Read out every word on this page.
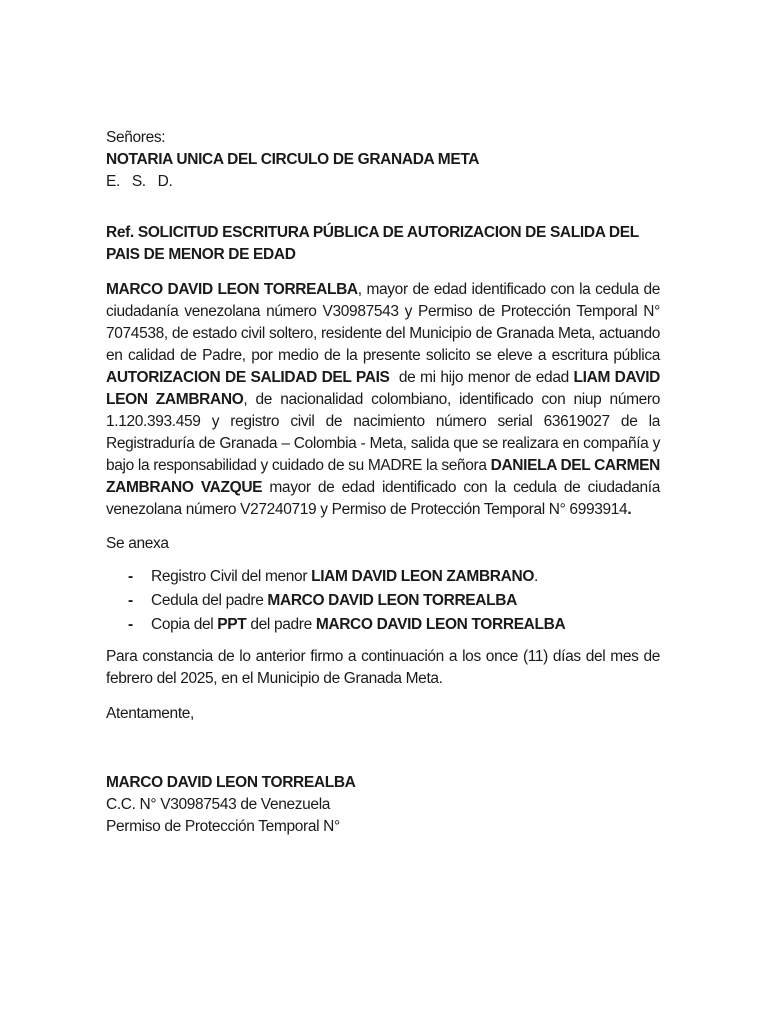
Señores:

NOTARIA UNICA DEL CIRCULO DE GRANADA META

E.   S.   D.

Ref. SOLICITUD ESCRITURA PÚBLICA DE AUTORIZACION DE SALIDA DEL

PAIS DE MENOR DE EDAD

MARCO DAVID LEON TORREALBA, mayor de edad identificado con la cedula de ciudadanía venezolana número V30987543 y Permiso de Protección Temporal N° 7074538, de estado civil soltero, residente del Municipio de Granada Meta, actuando en calidad de Padre, por medio de la presente solicito se eleve a escritura pública AUTORIZACION DE SALIDAD DEL PAIS  de mi hijo menor de edad LIAM DAVID LEON ZAMBRANO, de nacionalidad colombiano, identificado con niup número 1.120.393.459 y registro civil de nacimiento número serial 63619027 de la Registraduría de Granada – Colombia - Meta, salida que se realizara en compañía y bajo la responsabilidad y cuidado de su MADRE la señora DANIELA DEL CARMEN ZAMBRANO VAZQUE mayor de edad identificado con la cedula de ciudadanía venezolana número V27240719 y Permiso de Protección Temporal N° 6993914.

Se anexa

- Registro Civil del menor LIAM DAVID LEON ZAMBRANO.
- Cedula del padre MARCO DAVID LEON TORREALBA
- Copia del PPT del padre MARCO DAVID LEON TORREALBA

Para constancia de lo anterior firmo a continuación a los once (11) días del mes de febrero del 2025, en el Municipio de Granada Meta.

Atentamente,

MARCO DAVID LEON TORREALBA

C.C. N° V30987543 de Venezuela

Permiso de Protección Temporal N°
